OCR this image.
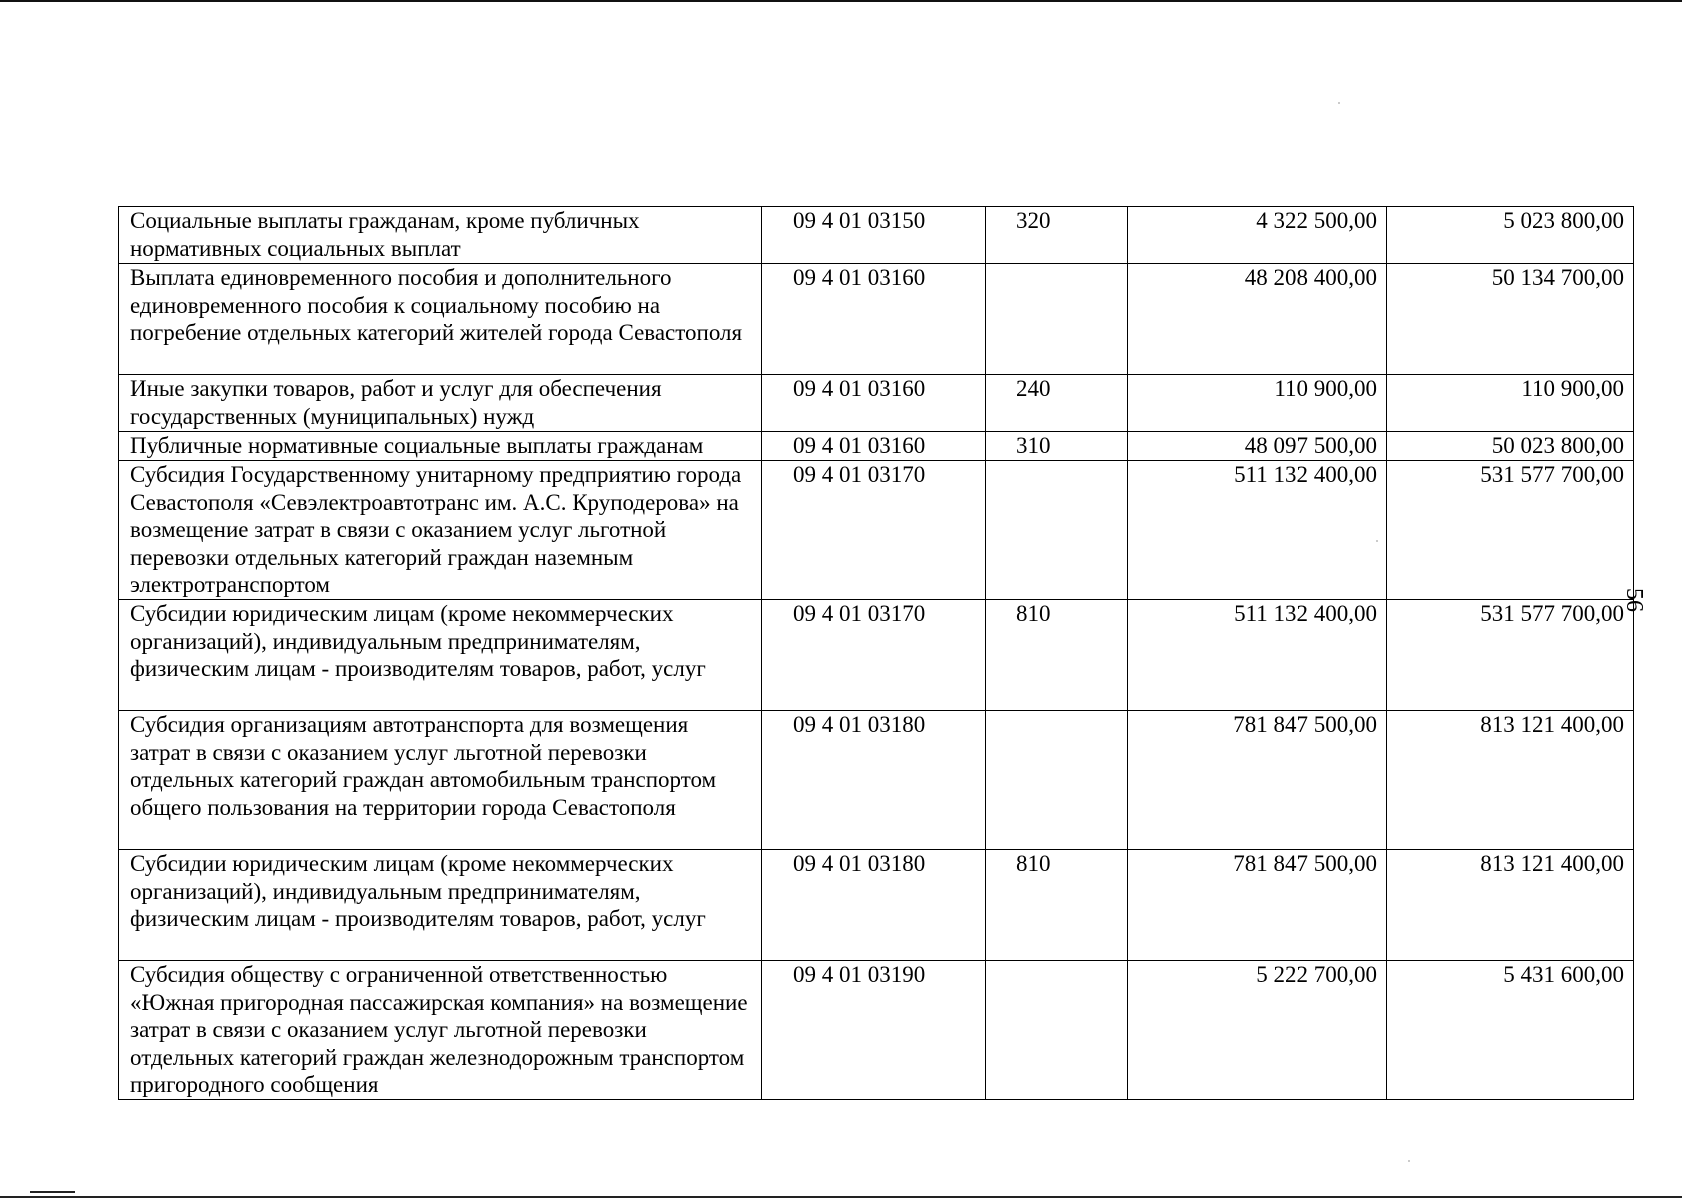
Социальные выплаты гражданам, кроме публичных нормативных социальных выплат	09 4 01 03150	320	4 322 500,00	5 023 800,00
Выплата единовременного пособия и дополнительного единовременного пособия к социальному пособию на погребение отдельных категорий жителей города Севастополя	09 4 01 03160		48 208 400,00	50 134 700,00
Иные закупки товаров, работ и услуг для обеспечения государственных (муниципальных) нужд	09 4 01 03160	240	110 900,00	110 900,00
Публичные нормативные социальные выплаты гражданам	09 4 01 03160	310	48 097 500,00	50 023 800,00
Субсидия Государственному унитарному предприятию города Севастополя «Севэлектроавтотранс им. А.С. Круподерова» на возмещение затрат в связи с оказанием услуг льготной перевозки отдельных категорий граждан наземным электротранспортом	09 4 01 03170		511 132 400,00	531 577 700,00
Субсидии юридическим лицам (кроме некоммерческих организаций), индивидуальным предпринимателям, физическим лицам - производителям товаров, работ, услуг	09 4 01 03170	810	511 132 400,00	531 577 700,00
Субсидия организациям автотранспорта для возмещения затрат в связи с оказанием услуг льготной перевозки отдельных категорий граждан автомобильным транспортом общего пользования на территории города Севастополя	09 4 01 03180		781 847 500,00	813 121 400,00
Субсидии юридическим лицам (кроме некоммерческих организаций), индивидуальным предпринимателям, физическим лицам - производителям товаров, работ, услуг	09 4 01 03180	810	781 847 500,00	813 121 400,00
Субсидия обществу с ограниченной ответственностью «Южная пригородная пассажирская компания» на возмещение затрат в связи с оказанием услуг льготной перевозки отдельных категорий граждан железнодорожным транспортом пригородного сообщения	09 4 01 03190		5 222 700,00	5 431 600,00
56
